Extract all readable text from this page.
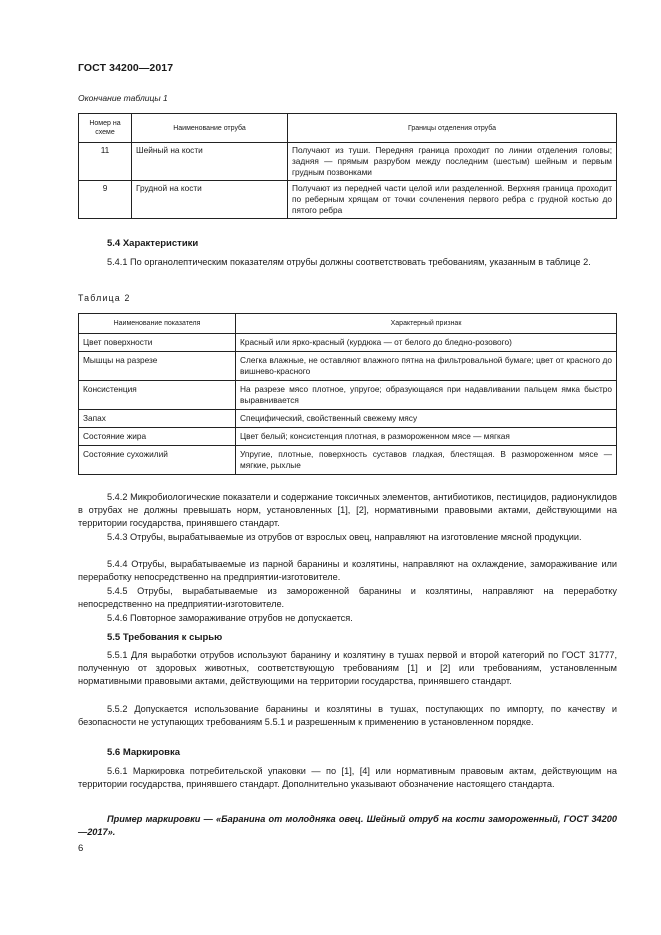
ГОСТ 34200—2017
Окончание таблицы 1
Номер на схеме	Наименование отруба	Границы отделения отруба
11	Шейный на кости	Получают из туши. Передняя граница проходит по линии отделения головы; задняя — прямым разрубом между последним (шестым) шейным и первым грудным позвонками
9	Грудной на кости	Получают из передней части целой или разделенной. Верхняя граница проходит по реберным хрящам от точки сочленения первого ребра с грудной костью до пятого ребра
5.4 Характеристики
5.4.1 По органолептическим показателям отрубы должны соответствовать требованиям, указанным в таблице 2.
Таблица 2
Наименование показателя	Характерный признак
Цвет поверхности	Красный или ярко-красный (курдюка — от белого до бледно-розового)
Мышцы на разрезе	Слегка влажные, не оставляют влажного пятна на фильтровальной бумаге; цвет от красного до вишнево-красного
Консистенция	На разрезе мясо плотное, упругое; образующаяся при надавливании пальцем ямка быстро выравнивается
Запах	Специфический, свойственный свежему мясу
Состояние жира	Цвет белый; консистенция плотная, в размороженном мясе — мягкая
Состояние сухожилий	Упругие, плотные, поверхность суставов гладкая, блестящая. В размороженном мясе — мягкие, рыхлые
5.4.2 Микробиологические показатели и содержание токсичных элементов, антибиотиков, пестицидов, радионуклидов в отрубах не должны превышать норм, установленных [1], [2], нормативными правовыми актами, действующими на территории государства, принявшего стандарт.
5.4.3 Отрубы, вырабатываемые из отрубов от взрослых овец, направляют на изготовление мясной продукции.
5.4.4 Отрубы, вырабатываемые из парной баранины и козлятины, направляют на охлаждение, замораживание или переработку непосредственно на предприятии-изготовителе.
5.4.5 Отрубы, вырабатываемые из замороженной баранины и козлятины, направляют на переработку непосредственно на предприятии-изготовителе.
5.4.6 Повторное замораживание отрубов не допускается.
5.5 Требования к сырью
5.5.1 Для выработки отрубов используют баранину и козлятину в тушах первой и второй категорий по ГОСТ 31777, полученную от здоровых животных, соответствующую требованиям [1] и [2] или требованиям, установленным нормативными правовыми актами, действующими на территории государства, принявшего стандарт.
5.5.2 Допускается использование баранины и козлятины в тушах, поступающих по импорту, по качеству и безопасности не уступающих требованиям 5.5.1 и разрешенным к применению в установленном порядке.
5.6 Маркировка
5.6.1 Маркировка потребительской упаковки — по [1], [4] или нормативным правовым актам, действующим на территории государства, принявшего стандарт. Дополнительно указывают обозначение настоящего стандарта.
Пример маркировки — «Баранина от молодняка овец. Шейный отруб на кости замороженный, ГОСТ 34200—2017».
6
